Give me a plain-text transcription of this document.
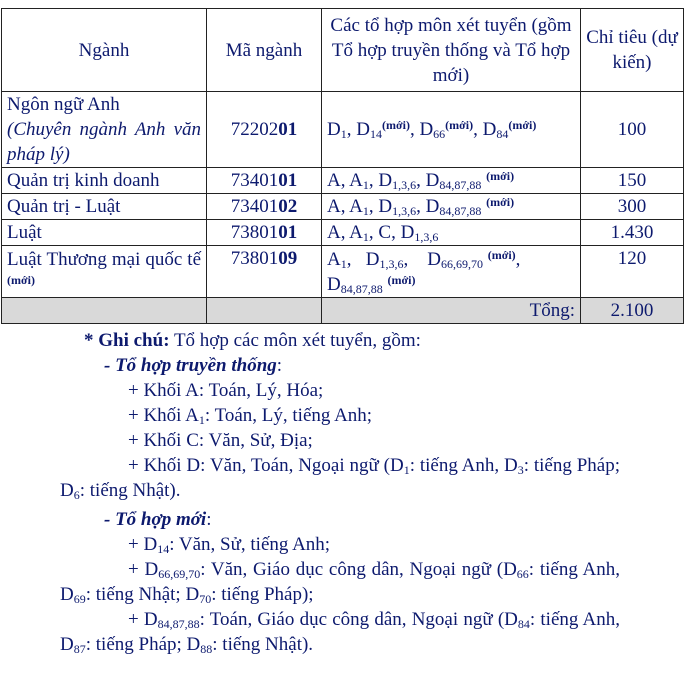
Ngành	Mã ngành	Các tổ hợp môn xét tuyển (gồm Tổ hợp truyền thống và Tổ hợp mới)	Chỉ tiêu (dự kiến)
Ngôn ngữ Anh
(Chuyên ngành Anh văn pháp lý)	7220201	$D_1$, $D_{14}^{(mới)}$, $D_{66}^{(mới)}$, $D_{84}^{(mới)}$	100
Quản trị kinh doanh	7340101	A, $A_1$, $D_{1,3,6}$, $D_{84,87,88}$ $^{(mới)}$	150
Quản trị - Luật	7340102	A, $A_1$, $D_{1,3,6}$, $D_{84,87,88}$ $^{(mới)}$	300
Luật	7380101	A, $A_1$, C, $D_{1,3,6}$	1.430
Luật Thương mại quốc tế $^{(mới)}$	7380109	$A_1$,   $D_{1,3,6}$,    $D_{66,69,70}$ $^{(mới)}$,
$D_{84,87,88}$ $^{(mới)}$	120
		Tổng:	2.100

* Ghi chú: Tổ hợp các môn xét tuyển, gồm:

- Tổ hợp truyền thống:

+ Khối A: Toán, Lý, Hóa;

+ Khối $A_1$: Toán, Lý, tiếng Anh;

+ Khối C: Văn, Sử, Địa;

+ Khối D: Văn, Toán, Ngoại ngữ ($D_1$: tiếng Anh, $D_3$: tiếng Pháp; $D_6$: tiếng Nhật).

- Tổ hợp mới:

+ $D_{14}$: Văn, Sử, tiếng Anh;

+ $D_{66,69,70}$: Văn, Giáo dục công dân, Ngoại ngữ ($D_{66}$: tiếng Anh, $D_{69}$: tiếng Nhật; $D_{70}$: tiếng Pháp);

+ $D_{84,87,88}$: Toán, Giáo dục công dân, Ngoại ngữ ($D_{84}$: tiếng Anh, $D_{87}$: tiếng Pháp; $D_{88}$: tiếng Nhật).
